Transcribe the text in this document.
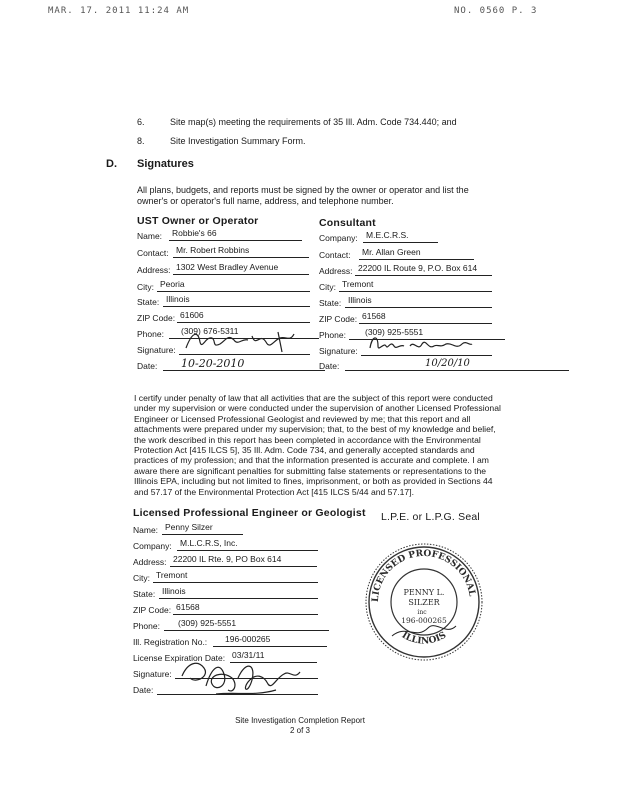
MAR. 17. 2011 11:24 AM	NO. 0560 P. 3
6.	Site map(s) meeting the requirements of 35 Ill. Adm. Code 734.440; and
8.	Site Investigation Summary Form.
D. Signatures
All plans, budgets, and reports must be signed by the owner or operator and list the owner's or operator's full name, address, and telephone number.
UST Owner or Operator	Consultant
Name:	Robbie's 66
Contact: Mr. Robert Robbins
Address: 1302 West Bradley Avenue
City: Peoria
State: Illinois
ZIP Code: 61606
Phone:	(309) 676-5311
Signature:
Date:	10-20-2010
Company: M.E.C.R.S.
Contact:	Mr. Allan Green
Address: 22200 IL Route 9, P.O. Box 614
City: Tremont
State: Illinois
ZIP Code: 61568
Phone:	(309) 925-5551
Signature:
Date:	10/20/10
I certify under penalty of law that all activities that are the subject of this report were conducted under my supervision or were conducted under the supervision of another Licensed Professional Engineer or Licensed Professional Geologist and reviewed by me; that this report and all attachments were prepared under my supervision; that, to the best of my knowledge and belief, the work described in this report has been completed in accordance with the Environmental Protection Act [415 ILCS 5], 35 Ill. Adm. Code 734, and generally accepted standards and practices of my profession; and that the information presented is accurate and complete. I am aware there are significant penalties for submitting false statements or representations to the Illinois EPA, including but not limited to fines, imprisonment, or both as provided in Sections 44 and 57.17 of the Environmental Protection Act [415 ILCS 5/44 and 57.17].
Licensed Professional Engineer or Geologist L.P.E. or L.P.G. Seal
Name: Penny Silzer
Company: M.L.C.R.S, Inc.
Address: 22200 IL Rte. 9, PO Box 614
City: Tremont
State: Illinois
ZIP Code: 61568
Phone:	(309) 925-5551
Ill. Registration No.:	196-000265
License Expiration Date: 03/31/11
Signature:
Date:
LICENSED PROFESSIONAL
ILLINOIS
PENNY L.
SILZER
inc
196-000265
Site Investigation Completion Report
2 of 3
